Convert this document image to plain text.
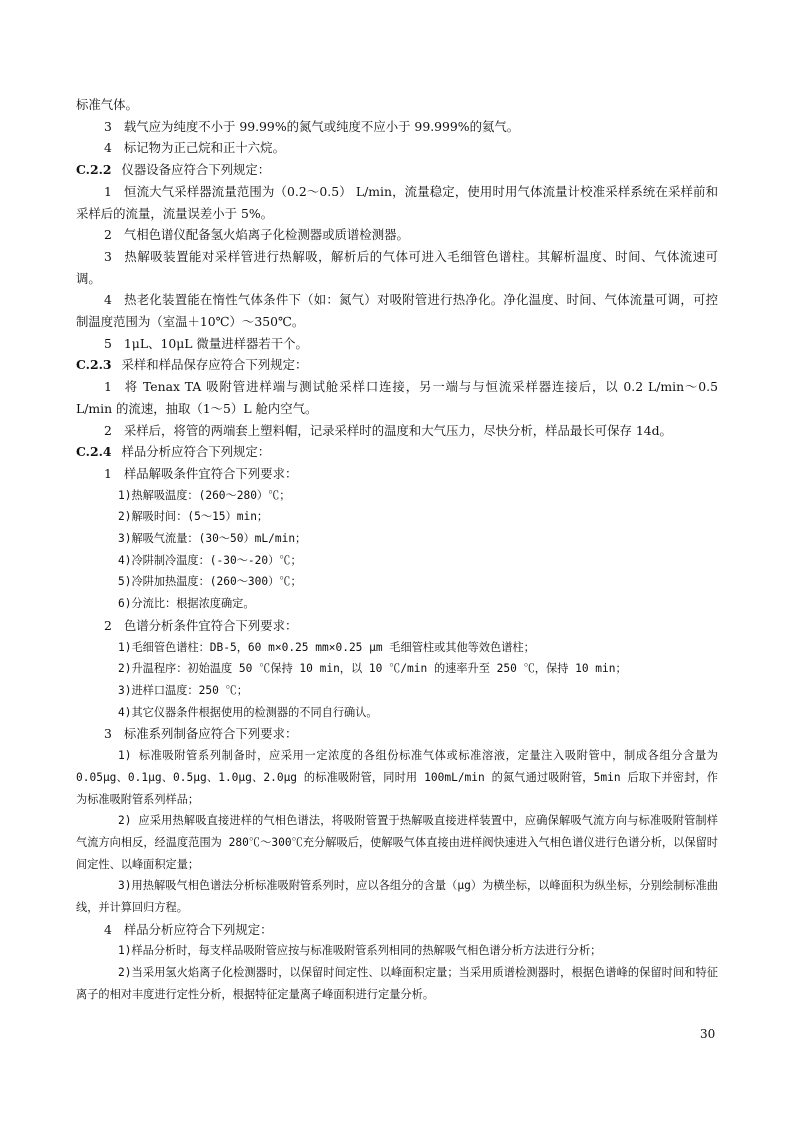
标准气体。
3 载气应为纯度不小于 99.99%的氮气或纯度不应小于 99.999%的氦气。
4 标记物为正己烷和正十六烷。
C.2.2 仪器设备应符合下列规定：
1 恒流大气采样器流量范围为（0.2～0.5） L/min，流量稳定，使用时用气体流量计校准采样系统在采样前和采样后的流量，流量误差小于 5%。
2 气相色谱仪配备氢火焰离子化检测器或质谱检测器。
3 热解吸装置能对采样管进行热解吸，解析后的气体可进入毛细管色谱柱。其解析温度、时间、气体流速可调。
4 热老化装置能在惰性气体条件下（如：氮气）对吸附管进行热净化。净化温度、时间、气体流量可调，可控制温度范围为（室温＋10℃）～350℃。
5 1μL、10μL 微量进样器若干个。
C.2.3 采样和样品保存应符合下列规定：
1 将 Tenax TA 吸附管进样端与测试舱采样口连接，另一端与与恒流采样器连接后，以 0.2 L/min～0.5 L/min 的流速，抽取（1～5）L 舱内空气。
2 采样后，将管的两端套上塑料帽，记录采样时的温度和大气压力，尽快分析，样品最长可保存 14d。
C.2.4 样品分析应符合下列规定：
1 样品解吸条件宜符合下列要求：
1)热解吸温度：(260～280）℃；
2)解吸时间：(5～15）min；
3)解吸气流量：(30～50）mL/min；
4)冷阱制冷温度：(-30～-20）℃；
5)冷阱加热温度：(260～300）℃；
6)分流比：根据浓度确定。
2 色谱分析条件宜符合下列要求：
1)毛细管色谱柱：DB-5，60 m×0.25 mm×0.25 μm 毛细管柱或其他等效色谱柱；
2)升温程序：初始温度 50 ℃保持 10 min，以 10 ℃/min 的速率升至 250 ℃，保持 10 min；
3)进样口温度：250 ℃；
4)其它仪器条件根据使用的检测器的不同自行确认。
3 标准系列制备应符合下列要求：
1) 标准吸附管系列制备时，应采用一定浓度的各组份标准气体或标准溶液，定量注入吸附管中，制成各组分含量为 0.05μg、0.1μg、0.5μg、1.0μg、2.0μg 的标准吸附管，同时用 100mL/min 的氮气通过吸附管，5min 后取下并密封，作为标准吸附管系列样品；
2) 应采用热解吸直接进样的气相色谱法，将吸附管置于热解吸直接进样装置中，应确保解吸气流方向与标准吸附管制样气流方向相反，经温度范围为 280℃～300℃充分解吸后，使解吸气体直接由进样阀快速进入气相色谱仪进行色谱分析，以保留时间定性、以峰面积定量；
3)用热解吸气相色谱法分析标准吸附管系列时，应以各组分的含量（μg）为横坐标，以峰面积为纵坐标，分别绘制标准曲线，并计算回归方程。
4 样品分析应符合下列规定：
1)样品分析时，每支样品吸附管应按与标准吸附管系列相同的热解吸气相色谱分析方法进行分析；
2)当采用氢火焰离子化检测器时，以保留时间定性、以峰面积定量；当采用质谱检测器时，根据色谱峰的保留时间和特征离子的相对丰度进行定性分析，根据特征定量离子峰面积进行定量分析。
30
